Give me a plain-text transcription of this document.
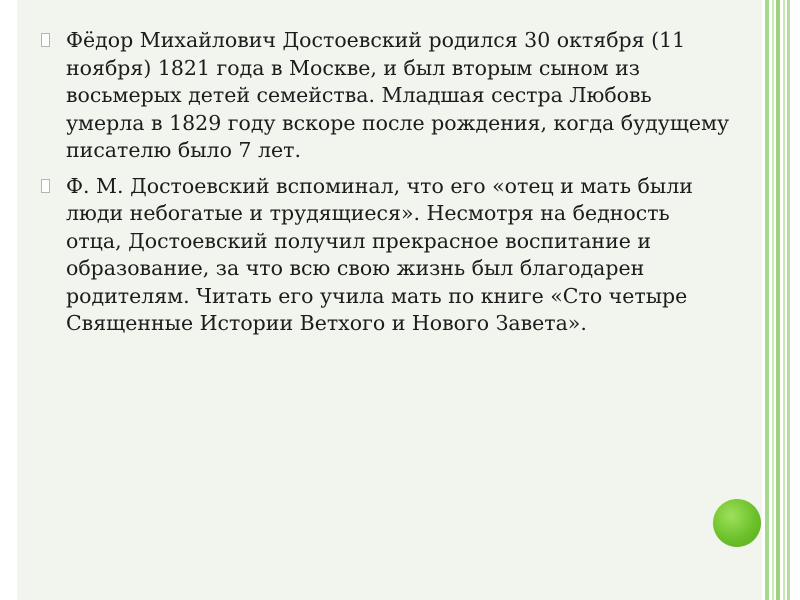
Фёдор Михайлович Достоевский родился 30 октября (11 ноября) 1821 года в Москве, и был вторым сыном из восьмерых детей семейства. Младшая сестра Любовь умерла в 1829 году вскоре после рождения, когда будущему писателю было 7 лет.
Ф. М. Достоевский вспоминал, что его «отец и мать были люди небогатые и трудящиеся». Несмотря на бедность отца, Достоевский получил прекрасное воспитание и образование, за что всю свою жизнь был благодарен родителям. Читать его учила мать по книге «Сто четыре Священные Истории Ветхого и Нового Завета».
